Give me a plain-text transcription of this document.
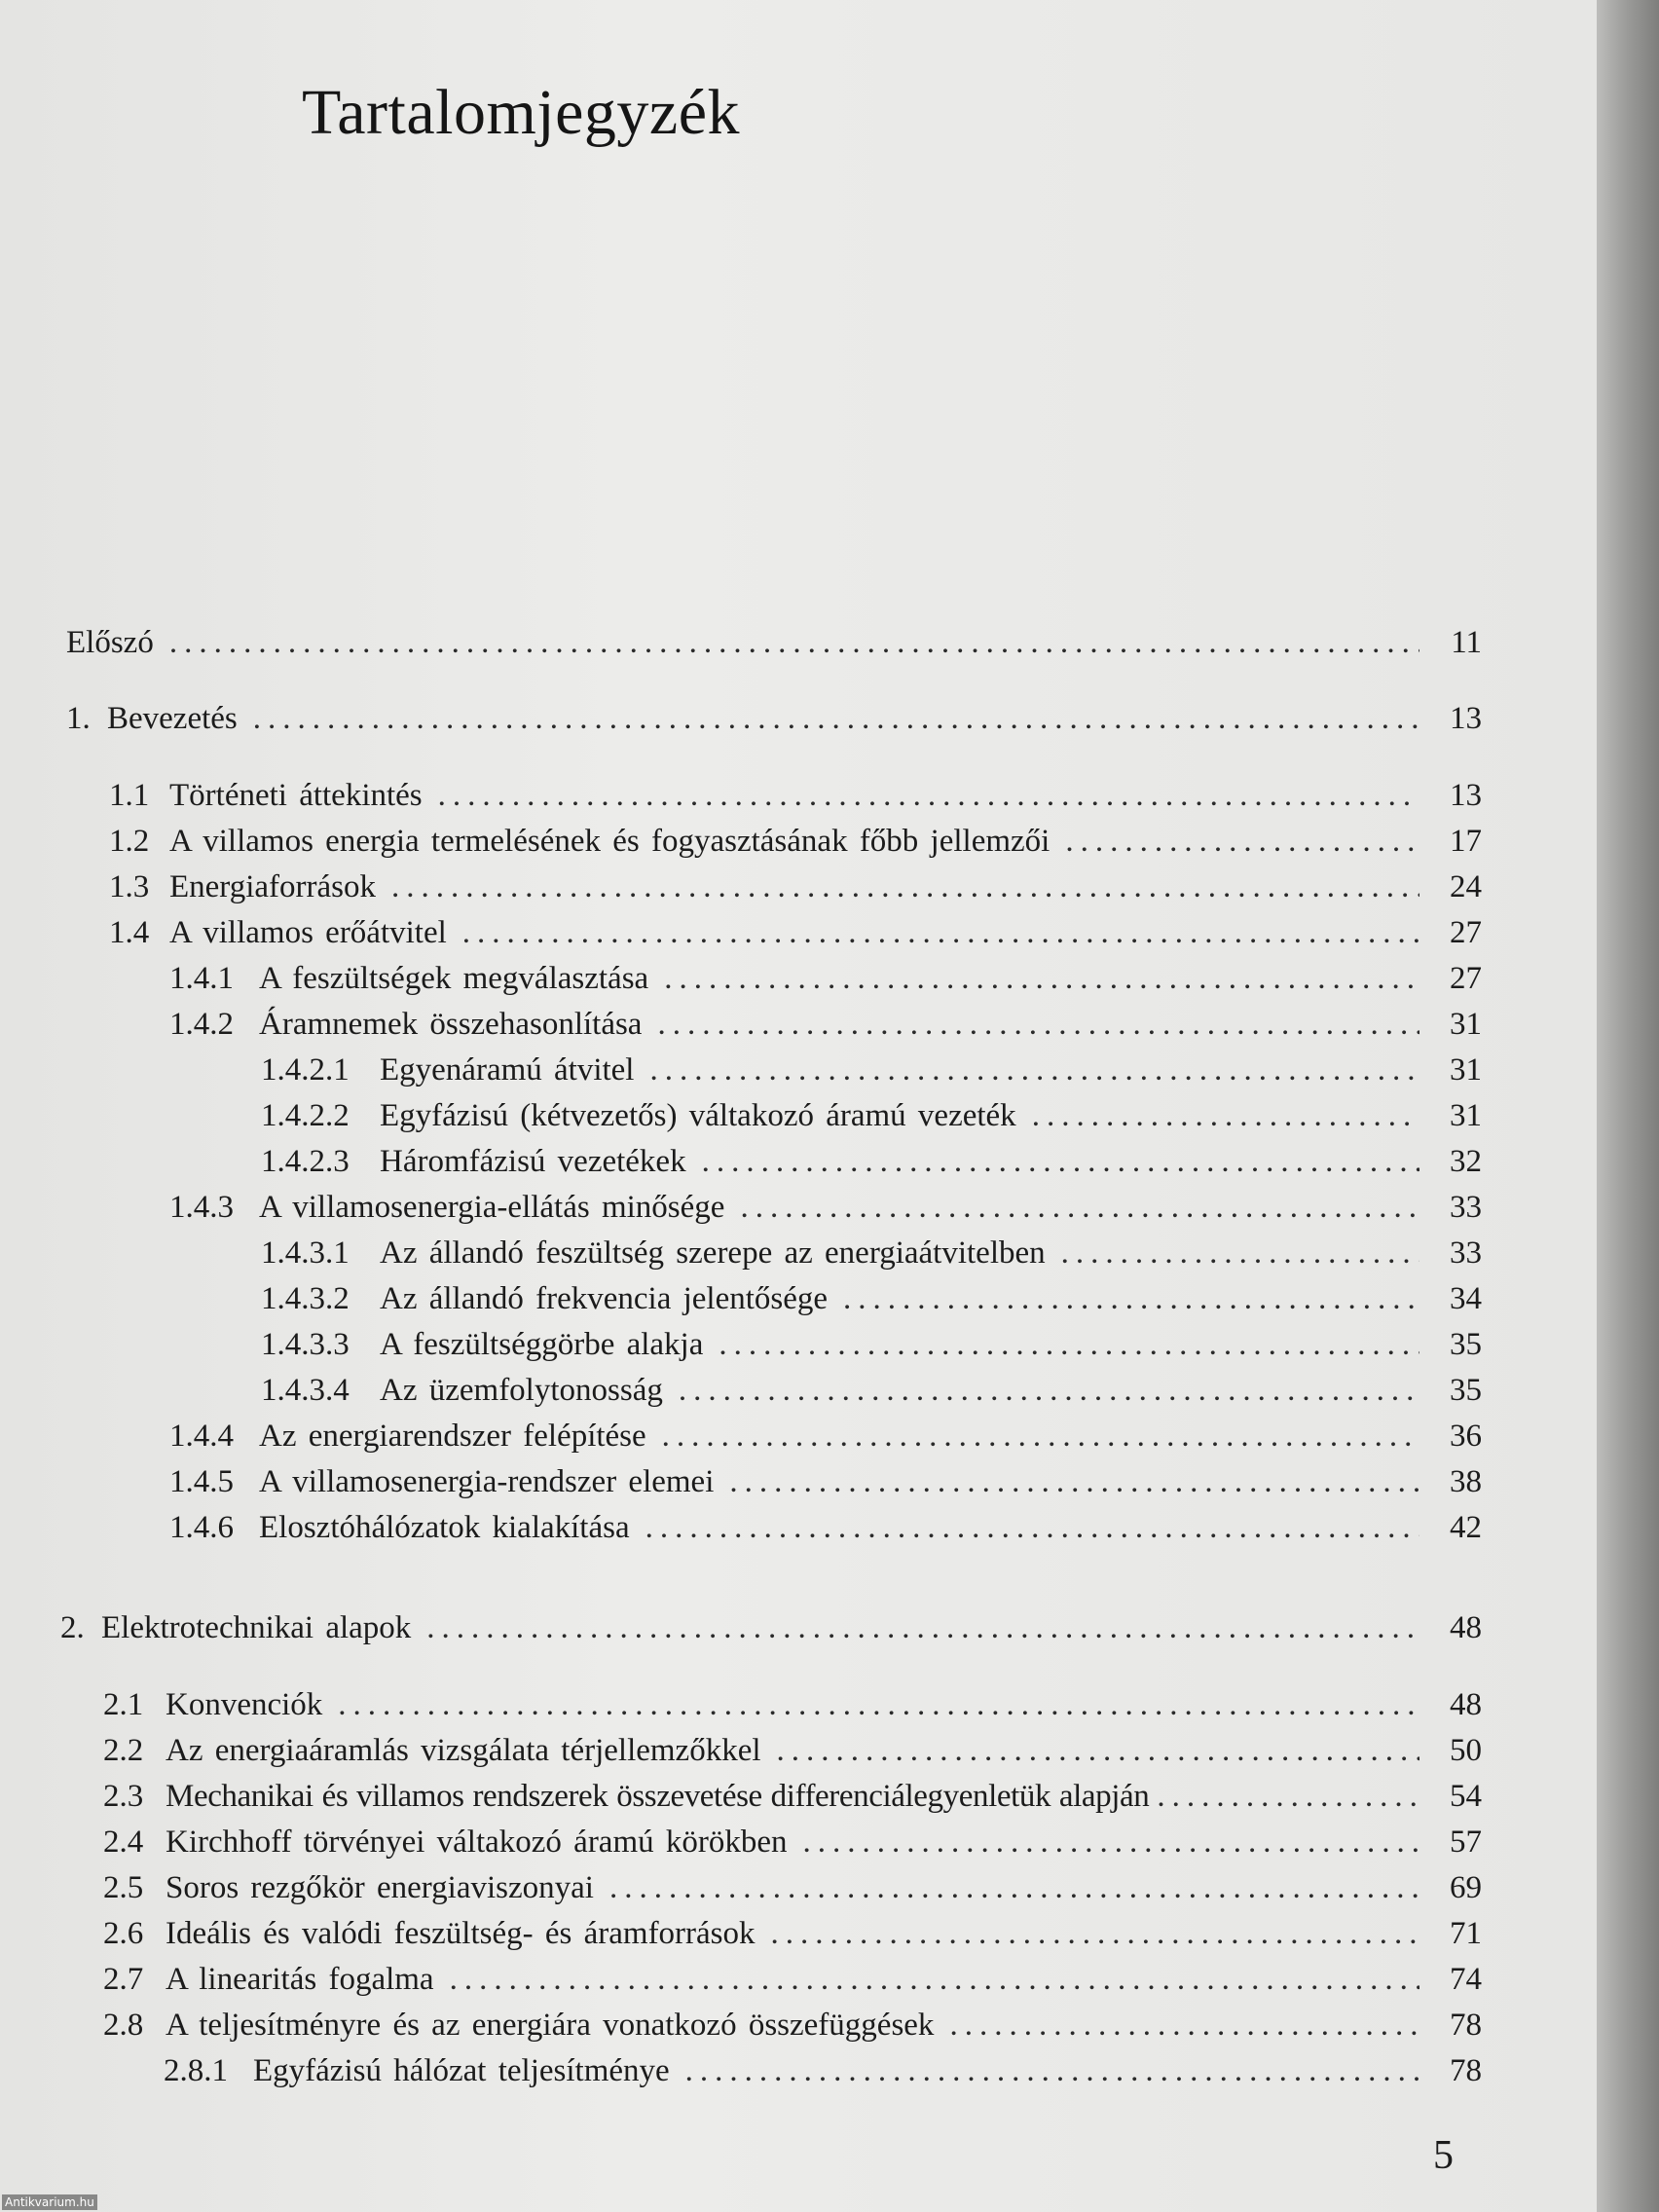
Tartalomjegyzék
Előszó .....	11
1. Bevezetés .....	13
1.1 Történeti áttekintés .....	13
1.2 A villamos energia termelésének és fogyasztásának főbb jellemzői .....	17
1.3 Energiaforrások .....	24
1.4 A villamos erőátvitel .....	27
1.4.1 A feszültségek megválasztása .....	27
1.4.2 Áramnemek összehasonlítása .....	31
1.4.2.1 Egyenáramú átvitel .....	31
1.4.2.2 Egyfázisú (kétvezetős) váltakozó áramú vezeték .....	31
1.4.2.3 Háromfázisú vezetékek .....	32
1.4.3 A villamosenergia-ellátás minősége .....	33
1.4.3.1 Az állandó feszültség szerepe az energiaátvitelben .....	33
1.4.3.2 Az állandó frekvencia jelentősége .....	34
1.4.3.3 A feszültséggörbe alakja .....	35
1.4.3.4 Az üzemfolytonosság .....	35
1.4.4 Az energiarendszer felépítése .....	36
1.4.5 A villamosenergia-rendszer elemei .....	38
1.4.6 Elosztóhálózatok kialakítása .....	42
2. Elektrotechnikai alapok .....	48
2.1 Konvenciók .....	48
2.2 Az energiaáramlás vizsgálata térjellemzőkkel .....	50
2.3 Mechanikai és villamos rendszerek összevetése differenciálegyenletük alapján .....	54
2.4 Kirchhoff törvényei váltakozó áramú körökben .....	57
2.5 Soros rezgőkör energiaviszonyai .....	69
2.6 Ideális és valódi feszültség- és áramforrások .....	71
2.7 A linearitás fogalma .....	74
2.8 A teljesítményre és az energiára vonatkozó összefüggések .....	78
2.8.1 Egyfázisú hálózat teljesítménye .....	78
5
Antikvarium.hu
